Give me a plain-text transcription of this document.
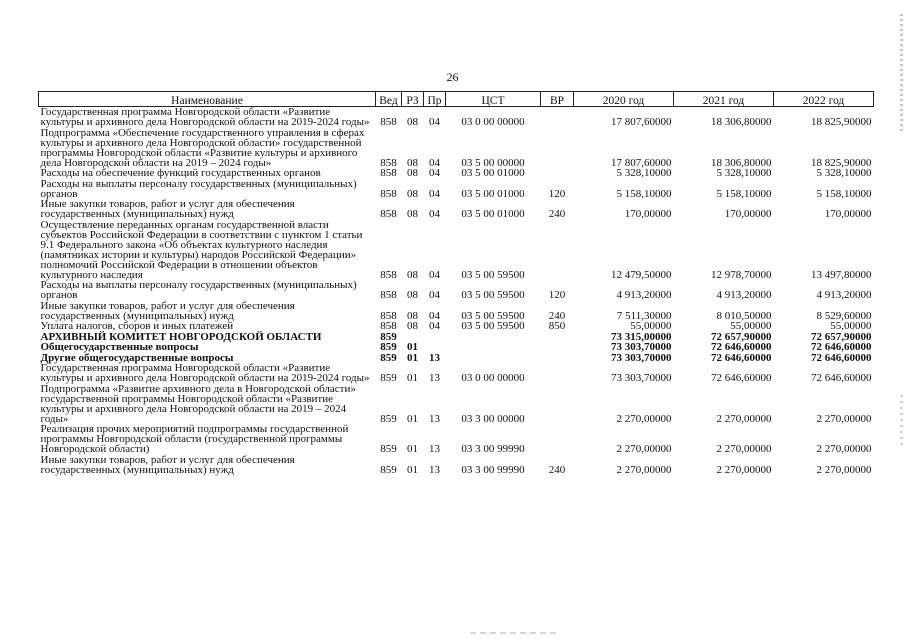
26
Наименование	Вед	РЗ	Пр	ЦСТ	ВР	2020 год	2021 год	2022 год
Государственная программа Новгородской области «Развитие культуры и архивного дела Новгородской области на 2019-2024 годы»	858	08	04	03 0 00 00000		17 807,60000	18 306,80000	18 825,90000
Подпрограмма «Обеспечение государственного управления в сферах культуры и архивного дела Новгородской области» государственной программы Новгородской области «Развитие культуры и архивного дела Новгородской области на 2019 – 2024 годы»	858	08	04	03 5 00 00000		17 807,60000	18 306,80000	18 825,90000
Расходы на обеспечение функций государственных органов	858	08	04	03 5 00 01000		5 328,10000	5 328,10000	5 328,10000
Расходы на выплаты персоналу государственных (муниципальных) органов	858	08	04	03 5 00 01000	120	5 158,10000	5 158,10000	5 158,10000
Иные закупки товаров, работ и услуг для обеспечения государственных (муниципальных) нужд	858	08	04	03 5 00 01000	240	170,00000	170,00000	170,00000
Осуществление переданных органам государственной власти субъектов Российской Федерации в соответствии с пунктом 1 статьи 9.1 Федерального закона «Об объектах культурного наследия (памятниках истории и культуры) народов Российской Федерации» полномочий Российской Федерации в отношении объектов культурного наследия	858	08	04	03 5 00 59500		12 479,50000	12 978,70000	13 497,80000
Расходы на выплаты персоналу государственных (муниципальных) органов	858	08	04	03 5 00 59500	120	4 913,20000	4 913,20000	4 913,20000
Иные закупки товаров, работ и услуг для обеспечения государственных (муниципальных) нужд	858	08	04	03 5 00 59500	240	7 511,30000	8 010,50000	8 529,60000
Уплата налогов, сборов и иных платежей	858	08	04	03 5 00 59500	850	55,00000	55,00000	55,00000
АРХИВНЫЙ КОМИТЕТ НОВГОРОДСКОЙ ОБЛАСТИ	859					73 315,00000	72 657,90000	72 657,90000
Общегосударственные вопросы	859	01				73 303,70000	72 646,60000	72 646,60000
Другие общегосударственные вопросы	859	01	13			73 303,70000	72 646,60000	72 646,60000
Государственная программа Новгородской области «Развитие культуры и архивного дела Новгородской области на 2019-2024 годы»	859	01	13	03 0 00 00000		73 303,70000	72 646,60000	72 646,60000
Подпрограмма «Развитие архивного дела в Новгородской области» государственной программы Новгородской области «Развитие культуры и архивного дела Новгородской области на 2019 – 2024 годы»	859	01	13	03 3 00 00000		2 270,00000	2 270,00000	2 270,00000
Реализация прочих мероприятий подпрограммы государственной программы Новгородской области (государственной программы Новгородской области)	859	01	13	03 3 00 99990		2 270,00000	2 270,00000	2 270,00000
Иные закупки товаров, работ и услуг для обеспечения государственных (муниципальных) нужд	859	01	13	03 3 00 99990	240	2 270,00000	2 270,00000	2 270,00000
